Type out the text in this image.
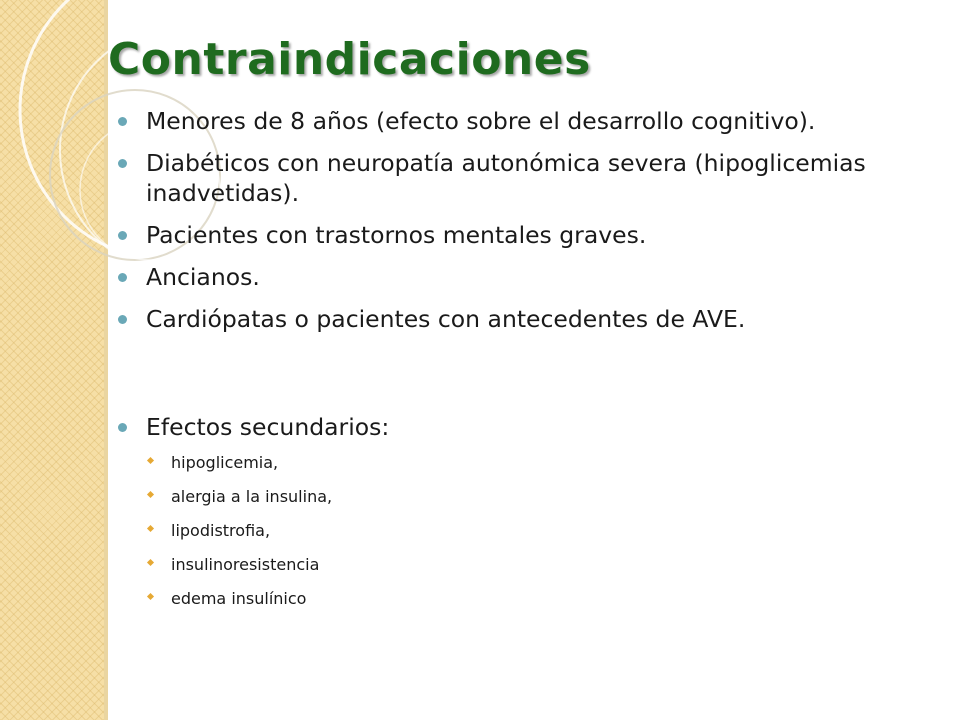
Contraindicaciones
Menores de 8 años (efecto sobre el desarrollo cognitivo).
Diabéticos con neuropatía autonómica severa (hipoglicemias inadvetidas).
Pacientes con trastornos mentales graves.
Ancianos.
Cardiópatas o pacientes con antecedentes de AVE.
Efectos secundarios:
hipoglicemia,
alergia a la insulina,
lipodistrofia,
insulinoresistencia
edema insulínico
